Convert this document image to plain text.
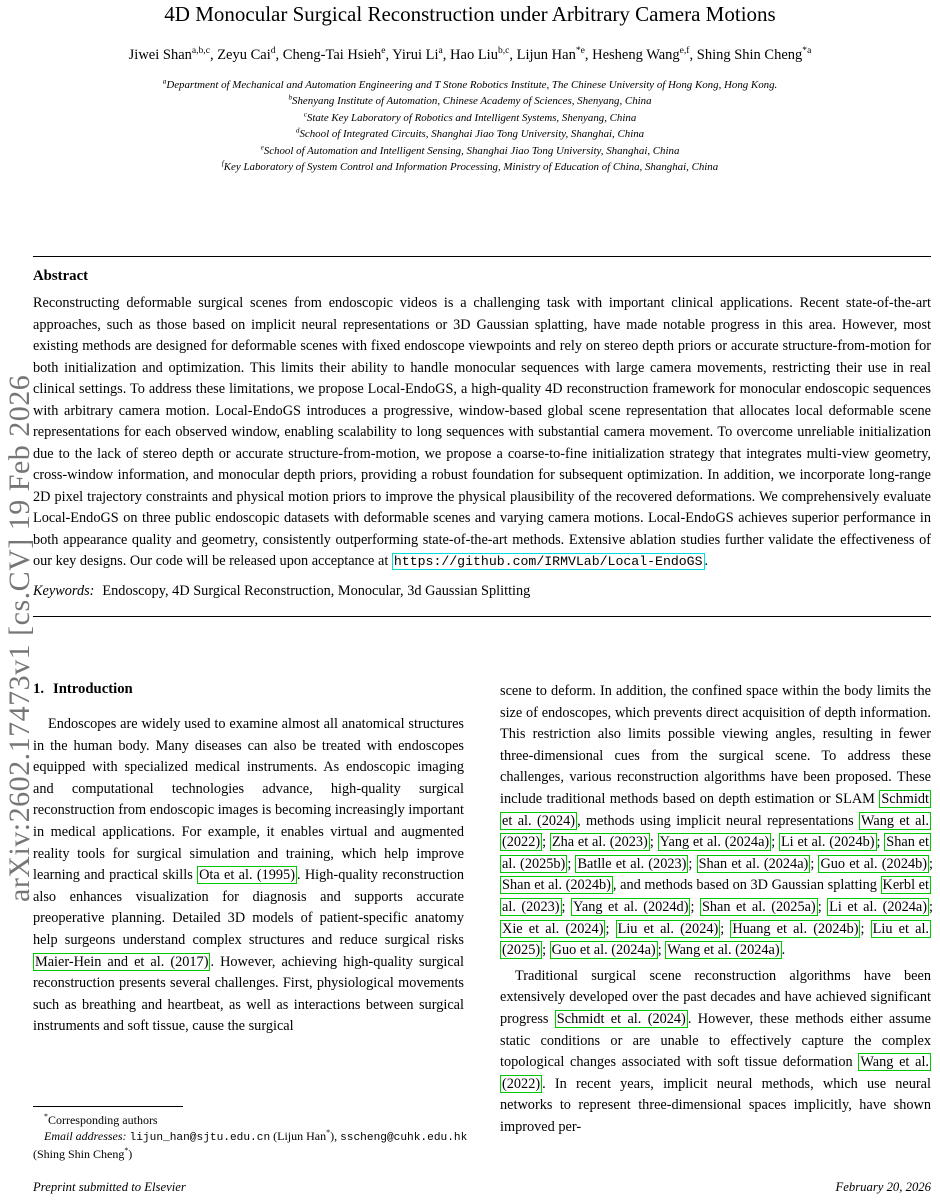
arXiv:2602.17473v1 [cs.CV] 19 Feb 2026
4D Monocular Surgical Reconstruction under Arbitrary Camera Motions
Jiwei Shan$^{a,b,c}$, Zeyu Cai$^d$, Cheng-Tai Hsieh$^e$, Yirui Li$^a$, Hao Liu$^{b,c}$, Lijun Han$^{*e}$, Hesheng Wang$^{e,f}$, Shing Shin Cheng$^{*a}$
$^a$Department of Mechanical and Automation Engineering and T Stone Robotics Institute, The Chinese University of Hong Kong, Hong Kong.
$^b$Shenyang Institute of Automation, Chinese Academy of Sciences, Shenyang, China
$^c$State Key Laboratory of Robotics and Intelligent Systems, Shenyang, China
$^d$School of Integrated Circuits, Shanghai Jiao Tong University, Shanghai, China
$^e$School of Automation and Intelligent Sensing, Shanghai Jiao Tong University, Shanghai, China
$^f$Key Laboratory of System Control and Information Processing, Ministry of Education of China, Shanghai, China
Abstract

Reconstructing deformable surgical scenes from endoscopic videos is a challenging task with important clinical applications. Recent state-of-the-art approaches, such as those based on implicit neural representations or 3D Gaussian splatting, have made notable progress in this area. However, most existing methods are designed for deformable scenes with fixed endoscope viewpoints and rely on stereo depth priors or accurate structure-from-motion for both initialization and optimization. This limits their ability to handle monocular sequences with large camera movements, restricting their use in real clinical settings. To address these limitations, we propose Local-EndoGS, a high-quality 4D reconstruction framework for monocular endoscopic sequences with arbitrary camera motion. Local-EndoGS introduces a progressive, window-based global scene representation that allocates local deformable scene representations for each observed window, enabling scalability to long sequences with substantial camera movement. To overcome unreliable initialization due to the lack of stereo depth or accurate structure-from-motion, we propose a coarse-to-fine initialization strategy that integrates multi-view geometry, cross-window information, and monocular depth priors, providing a robust foundation for subsequent optimization. In addition, we incorporate long-range 2D pixel trajectory constraints and physical motion priors to improve the physical plausibility of the recovered deformations. We comprehensively evaluate Local-EndoGS on three public endoscopic datasets with deformable scenes and varying camera motions. Local-EndoGS achieves superior performance in both appearance quality and geometry, consistently outperforming state-of-the-art methods. Extensive ablation studies further validate the effectiveness of our key designs. Our code will be released upon acceptance at https://github.com/IRMVLab/Local-EndoGS .

Keywords: Endoscopy, 4D Surgical Reconstruction, Monocular, 3d Gaussian Splitting

1. Introduction

Endoscopes are widely used to examine almost all anatomical structures in the human body. Many diseases can also be treated with endoscopes equipped with specialized medical instruments. As endoscopic imaging and computational technologies advance, high-quality surgical reconstruction from endoscopic images is becoming increasingly important in medical applications. For example, it enables virtual and augmented reality tools for surgical simulation and training, which help improve learning and practical skills Ota et al. (1995) . High-quality reconstruction also enhances visualization for diagnosis and supports accurate preoperative planning. Detailed 3D models of patient-specific anatomy help surgeons understand complex structures and reduce surgical risks Maier-Hein and et al. (2017) . However, achieving high-quality surgical reconstruction presents several challenges. First, physiological movements such as breathing and heartbeat, as well as interactions between surgical instruments and soft tissue, cause the surgical

scene to deform. In addition, the confined space within the body limits the size of endoscopes, which prevents direct acquisition of depth information. This restriction also limits possible viewing angles, resulting in fewer three-dimensional cues from the surgical scene. To address these challenges, various reconstruction algorithms have been proposed. These include traditional methods based on depth estimation or SLAM Schmidt et al. (2024) , methods using implicit neural representations Wang et al. (2022) ; Zha et al. (2023) ; Yang et al. (2024a) ; Li et al. (2024b) ; Shan et al. (2025b) ; Batlle et al. (2023) ; Shan et al. (2024a) ; Guo et al. (2024b) ; Shan et al. (2024b) , and methods based on 3D Gaussian splatting Kerbl et al. (2023) ; Yang et al. (2024d) ; Shan et al. (2025a) ; Li et al. (2024a) ; Xie et al. (2024) ; Liu et al. (2024) ; Huang et al. (2024b) ; Liu et al. (2025) ; Guo et al. (2024a) ; Wang et al. (2024a) .

Traditional surgical scene reconstruction algorithms have been extensively developed over the past decades and have achieved significant progress Schmidt et al. (2024) . However, these methods either assume static conditions or are unable to effectively capture the complex topological changes associated with soft tissue deformation Wang et al. (2022) . In recent years, implicit neural methods, which use neural networks to represent three-dimensional spaces implicitly, have shown improved per-

*Corresponding authors

Email addresses: lijun_han@sjtu.edu.cn (Lijun Han*), sscheng@cuhk.edu.hk (Shing Shin Cheng*)

Preprint submitted to Elsevier	February 20, 2026
